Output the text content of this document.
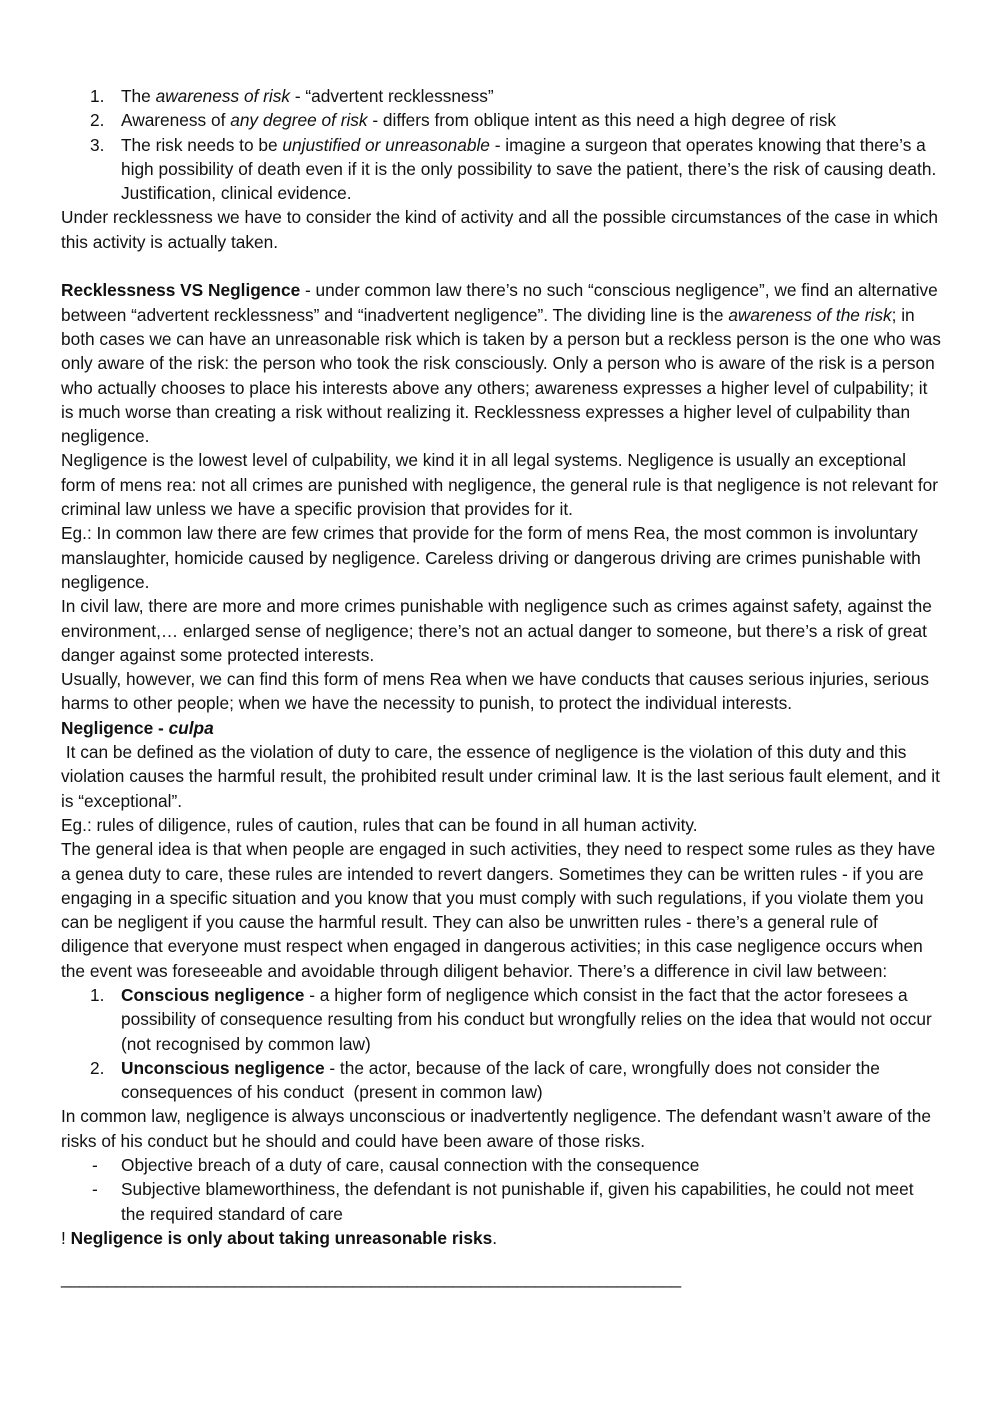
1. The awareness of risk - “advertent recklessness”
2. Awareness of any degree of risk - differs from oblique intent as this need a high degree of risk
3. The risk needs to be unjustified or unreasonable - imagine a surgeon that operates knowing that there’s a high possibility of death even if it is the only possibility to save the patient, there’s the risk of causing death. Justification, clinical evidence.

Under recklessness we have to consider the kind of activity and all the possible circumstances of the case in which this activity is actually taken.

Recklessness VS Negligence - under common law there’s no such “conscious negligence”, we find an alternative between “advertent recklessness” and “inadvertent negligence”. The dividing line is the awareness of the risk; in both cases we can have an unreasonable risk which is taken by a person but a reckless person is the one who was only aware of the risk: the person who took the risk consciously. Only a person who is aware of the risk is a person who actually chooses to place his interests above any others; awareness expresses a higher level of culpability; it is much worse than creating a risk without realizing it. Recklessness expresses a higher level of culpability than negligence.

Negligence is the lowest level of culpability, we kind it in all legal systems. Negligence is usually an exceptional form of mens rea: not all crimes are punished with negligence, the general rule is that negligence is not relevant for criminal law unless we have a specific provision that provides for it.

Eg.: In common law there are few crimes that provide for the form of mens Rea, the most common is involuntary manslaughter, homicide caused by negligence. Careless driving or dangerous driving are crimes punishable with negligence.

In civil law, there are more and more crimes punishable with negligence such as crimes against safety, against the environment,… enlarged sense of negligence; there’s not an actual danger to someone, but there’s a risk of great danger against some protected interests.

Usually, however, we can find this form of mens Rea when we have conducts that causes serious injuries, serious harms to other people; when we have the necessity to punish, to protect the individual interests.

Negligence - culpa

It can be defined as the violation of duty to care, the essence of negligence is the violation of this duty and this violation causes the harmful result, the prohibited result under criminal law. It is the last serious fault element, and it is “exceptional”.

Eg.: rules of diligence, rules of caution, rules that can be found in all human activity.

The general idea is that when people are engaged in such activities, they need to respect some rules as they have a genea duty to care, these rules are intended to revert dangers. Sometimes they can be written rules - if you are engaging in a specific situation and you know that you must comply with such regulations, if you violate them you can be negligent if you cause the harmful result. They can also be unwritten rules - there’s a general rule of diligence that everyone must respect when engaged in dangerous activities; in this case negligence occurs when the event was foreseeable and avoidable through diligent behavior. There’s a difference in civil law between:

1. Conscious negligence - a higher form of negligence which consist in the fact that the actor foresees a possibility of consequence resulting from his conduct but wrongfully relies on the idea that would not occur (not recognised by common law)
2. Unconscious negligence - the actor, because of the lack of care, wrongfully does not consider the consequences of his conduct  (present in common law)

In common law, negligence is always unconscious or inadvertently negligence. The defendant wasn’t aware of the risks of his conduct but he should and could have been aware of those risks.

- Objective breach of a duty of care, causal connection with the consequence
- Subjective blameworthiness, the defendant is not punishable if, given his capabilities, he could not meet the required standard of care

! Negligence is only about taking unreasonable risks.

____________________________________________________________________
